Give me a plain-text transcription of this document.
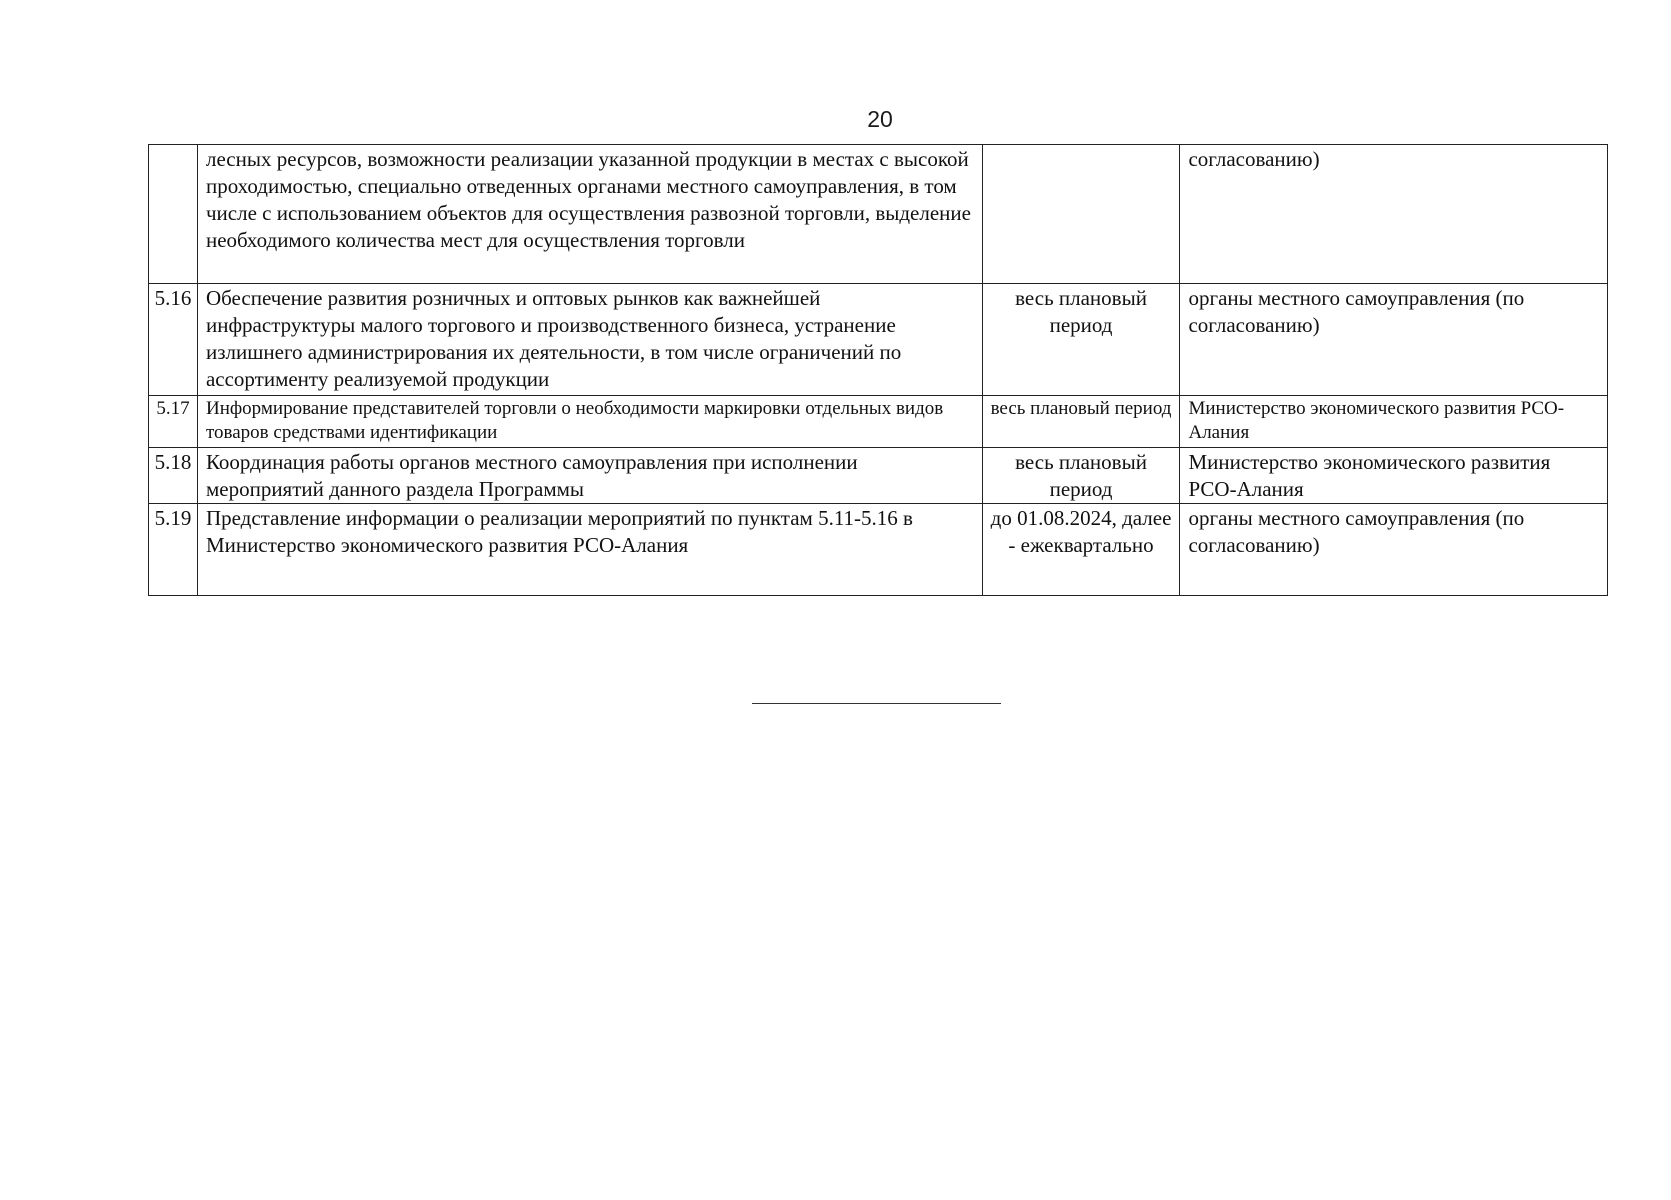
20
	лесных ресурсов, возможности реализации указанной продукции в местах с высокой проходимостью, специально отведенных органами местного самоуправления, в том числе с использованием объектов для осуществления развозной торговли, выделение необходимого количества мест для осуществления торговли		согласованию)
5.16	Обеспечение развития розничных и оптовых рынков как важнейшей инфраструктуры малого торгового и производственного бизнеса, устранение излишнего администрирования их деятельности, в том числе ограничений по ассортименту реализуемой продукции	весь плановый период	органы местного самоуправления (по согласованию)
5.17	Информирование представителей торговли о необходимости маркировки отдельных видов товаров средствами идентификации	весь плановый период	Министерство экономического развития РСО-Алания
5.18	Координация работы органов местного самоуправления при исполнении мероприятий данного раздела Программы	весь плановый период	Министерство экономического развития РСО-Алания
5.19	Представление информации о реализации мероприятий по пунктам 5.11-5.16 в Министерство экономического развития РСО-Алания	до 01.08.2024, далее - ежеквартально	органы местного самоуправления (по согласованию)
